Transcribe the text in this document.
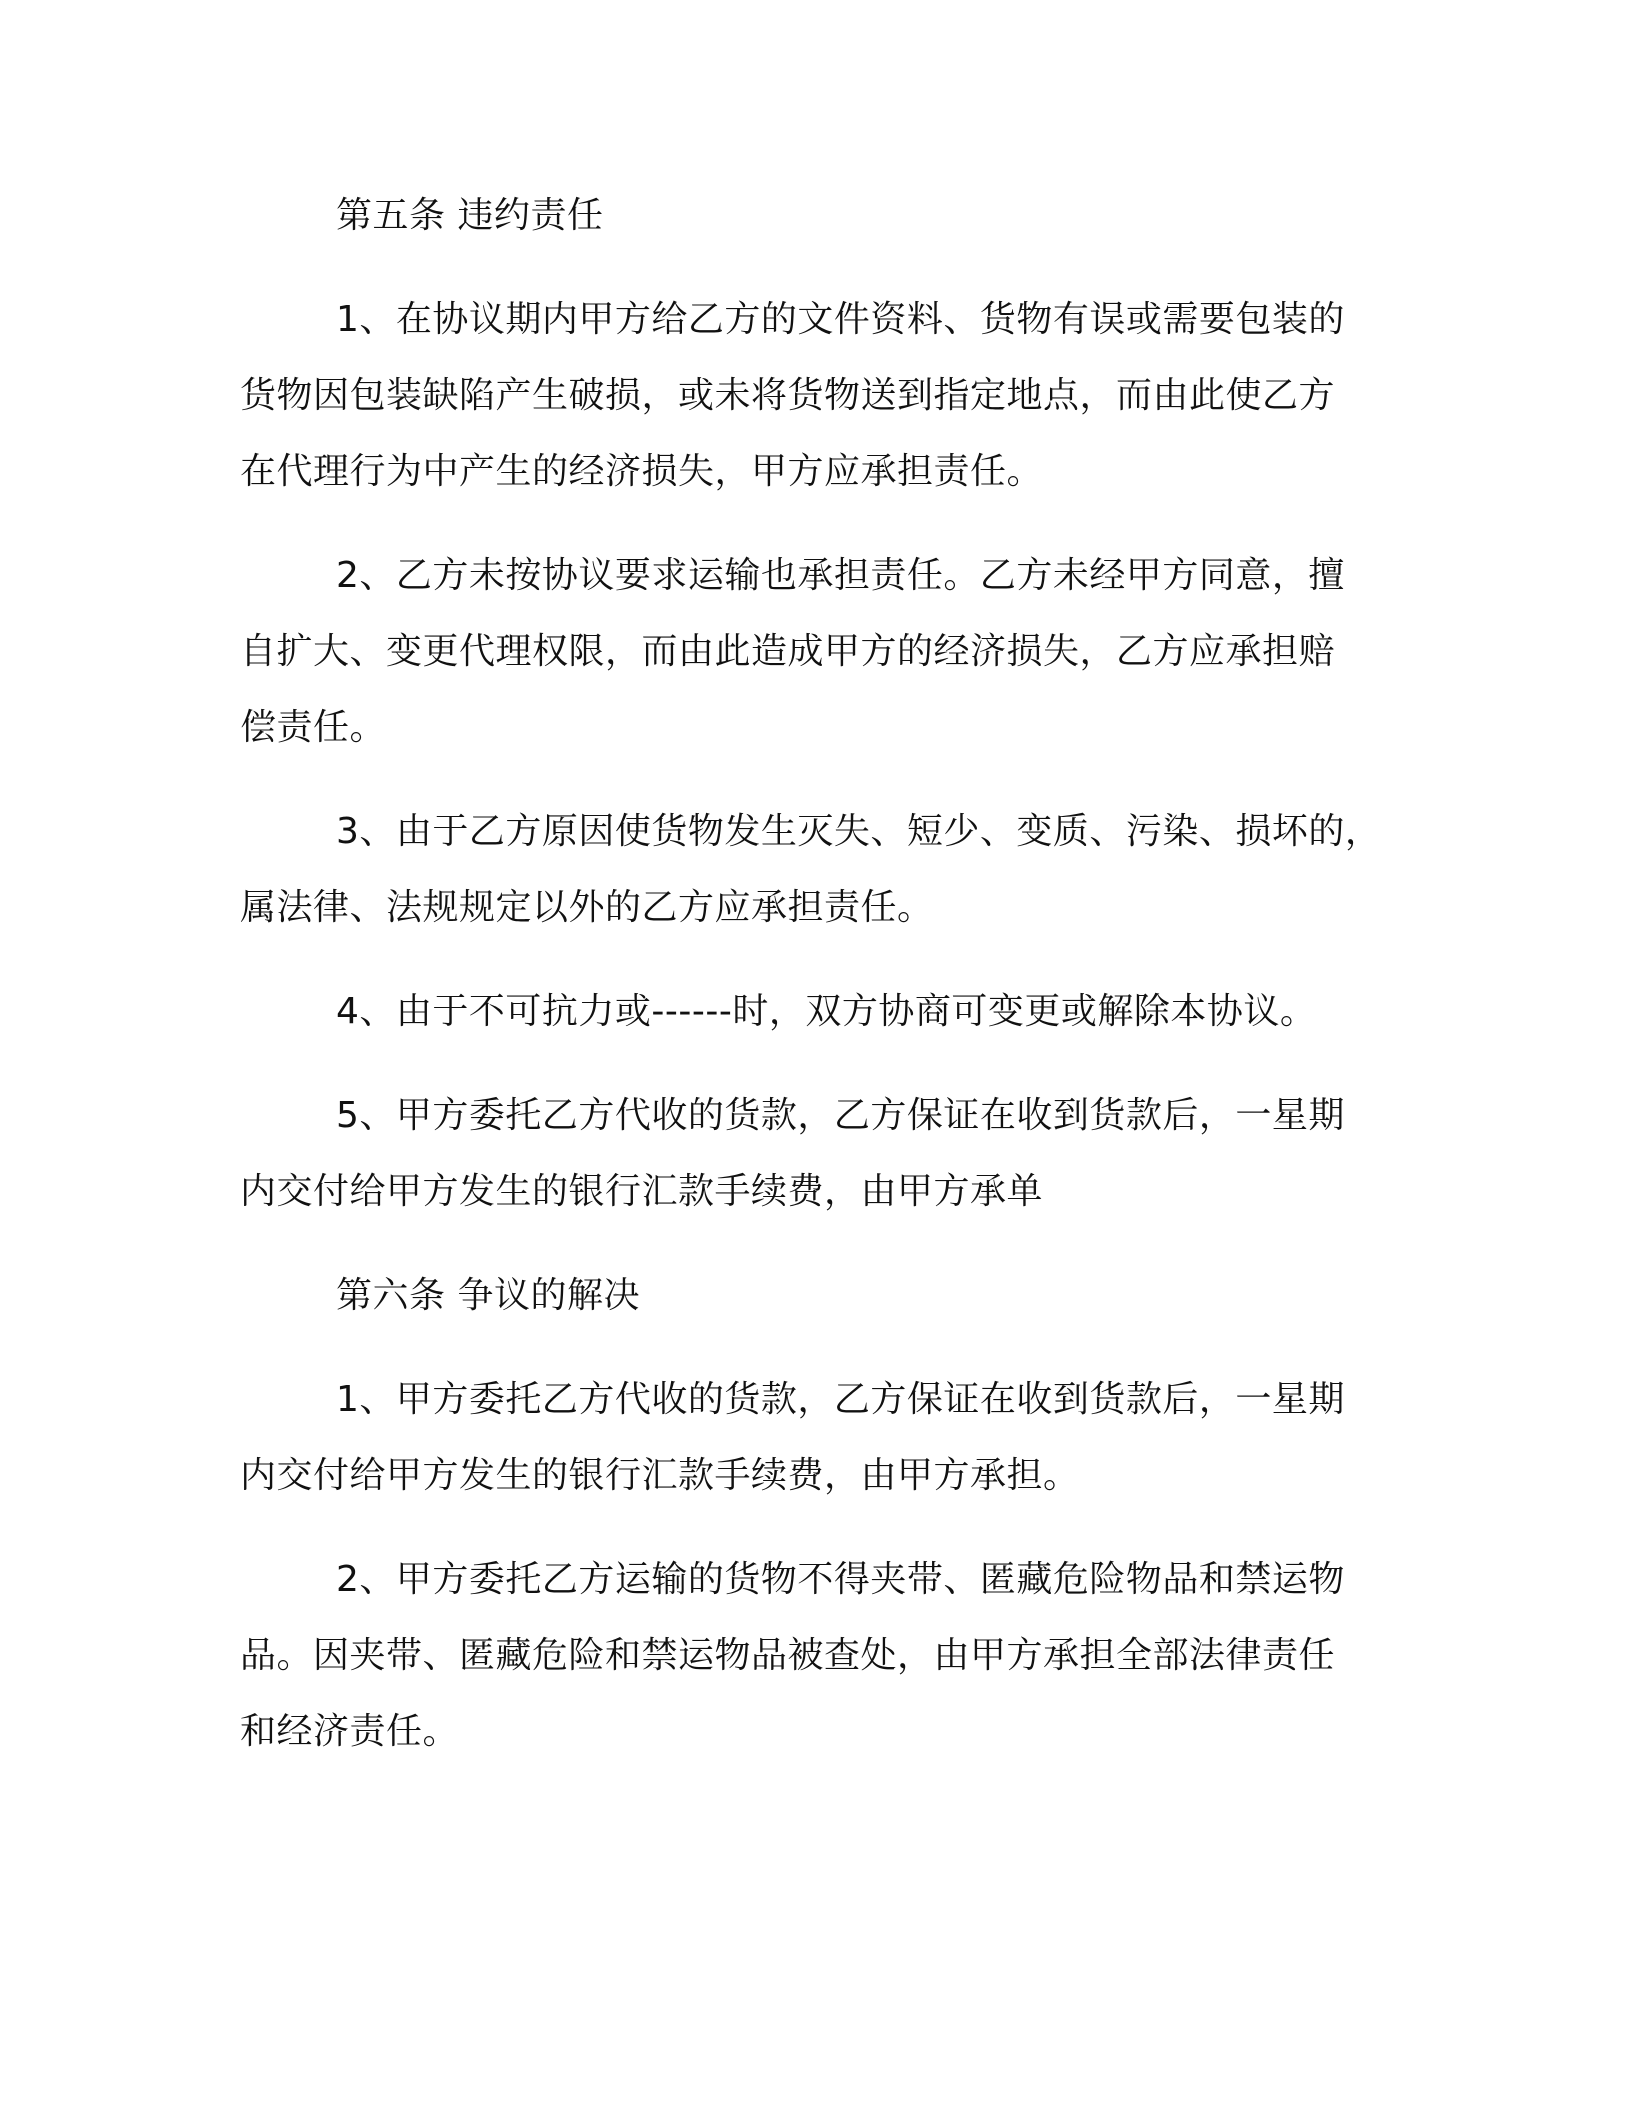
第五条 违约责任
1、在协议期内甲方给乙方的文件资料、货物有误或需要包装的
货物因包装缺陷产生破损，或未将货物送到指定地点，而由此使乙方
在代理行为中产生的经济损失，甲方应承担责任。
2、乙方未按协议要求运输也承担责任。乙方未经甲方同意，擅
自扩大、变更代理权限，而由此造成甲方的经济损失，乙方应承担赔
偿责任。
3、由于乙方原因使货物发生灭失、短少、变质、污染、损坏的，
属法律、法规规定以外的乙方应承担责任。
4、由于不可抗力或------时，双方协商可变更或解除本协议。
5、甲方委托乙方代收的货款，乙方保证在收到货款后，一星期
内交付给甲方发生的银行汇款手续费，由甲方承单
第六条 争议的解决
1、甲方委托乙方代收的货款，乙方保证在收到货款后，一星期
内交付给甲方发生的银行汇款手续费，由甲方承担。
2、甲方委托乙方运输的货物不得夹带、匿藏危险物品和禁运物
品。因夹带、匿藏危险和禁运物品被查处，由甲方承担全部法律责任
和经济责任。
